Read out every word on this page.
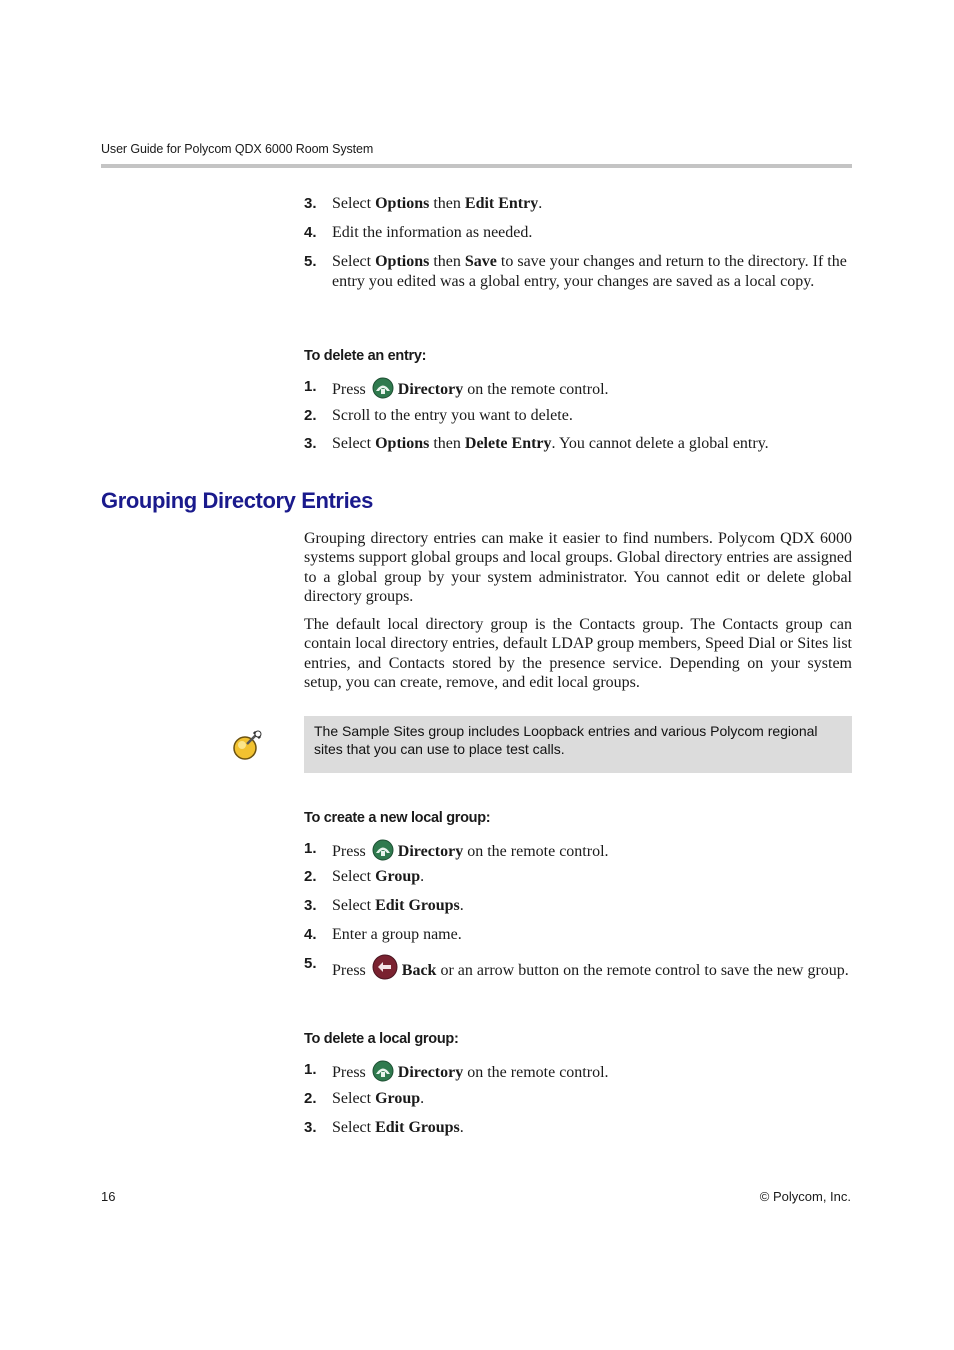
User Guide for Polycom QDX 6000 Room System
3. Select Options then Edit Entry.
4. Edit the information as needed.
5. Select Options then Save to save your changes and return to the directory. If the entry you edited was a global entry, your changes are saved as a local copy.
To delete an entry:
1. Press Directory on the remote control.
2. Scroll to the entry you want to delete.
3. Select Options then Delete Entry. You cannot delete a global entry.
Grouping Directory Entries

Grouping directory entries can make it easier to find numbers. Polycom QDX 6000 systems support global groups and local groups. Global directory entries are assigned to a global group by your system administrator. You cannot edit or delete global directory groups.

The default local directory group is the Contacts group. The Contacts group can contain local directory entries, default LDAP group members, Speed Dial or Sites list entries, and Contacts stored by the presence service. Depending on your system setup, you can create, remove, and edit local groups.

The Sample Sites group includes Loopback entries and various Polycom regional sites that you can use to place test calls.
To create a new local group:
1. Press Directory on the remote control.
2. Select Group.
3. Select Edit Groups.
4. Enter a group name.
5. Press Back or an arrow button on the remote control to save the new group.
To delete a local group:
1. Press Directory on the remote control.
2. Select Group.
3. Select Edit Groups.
16	© Polycom, Inc.
